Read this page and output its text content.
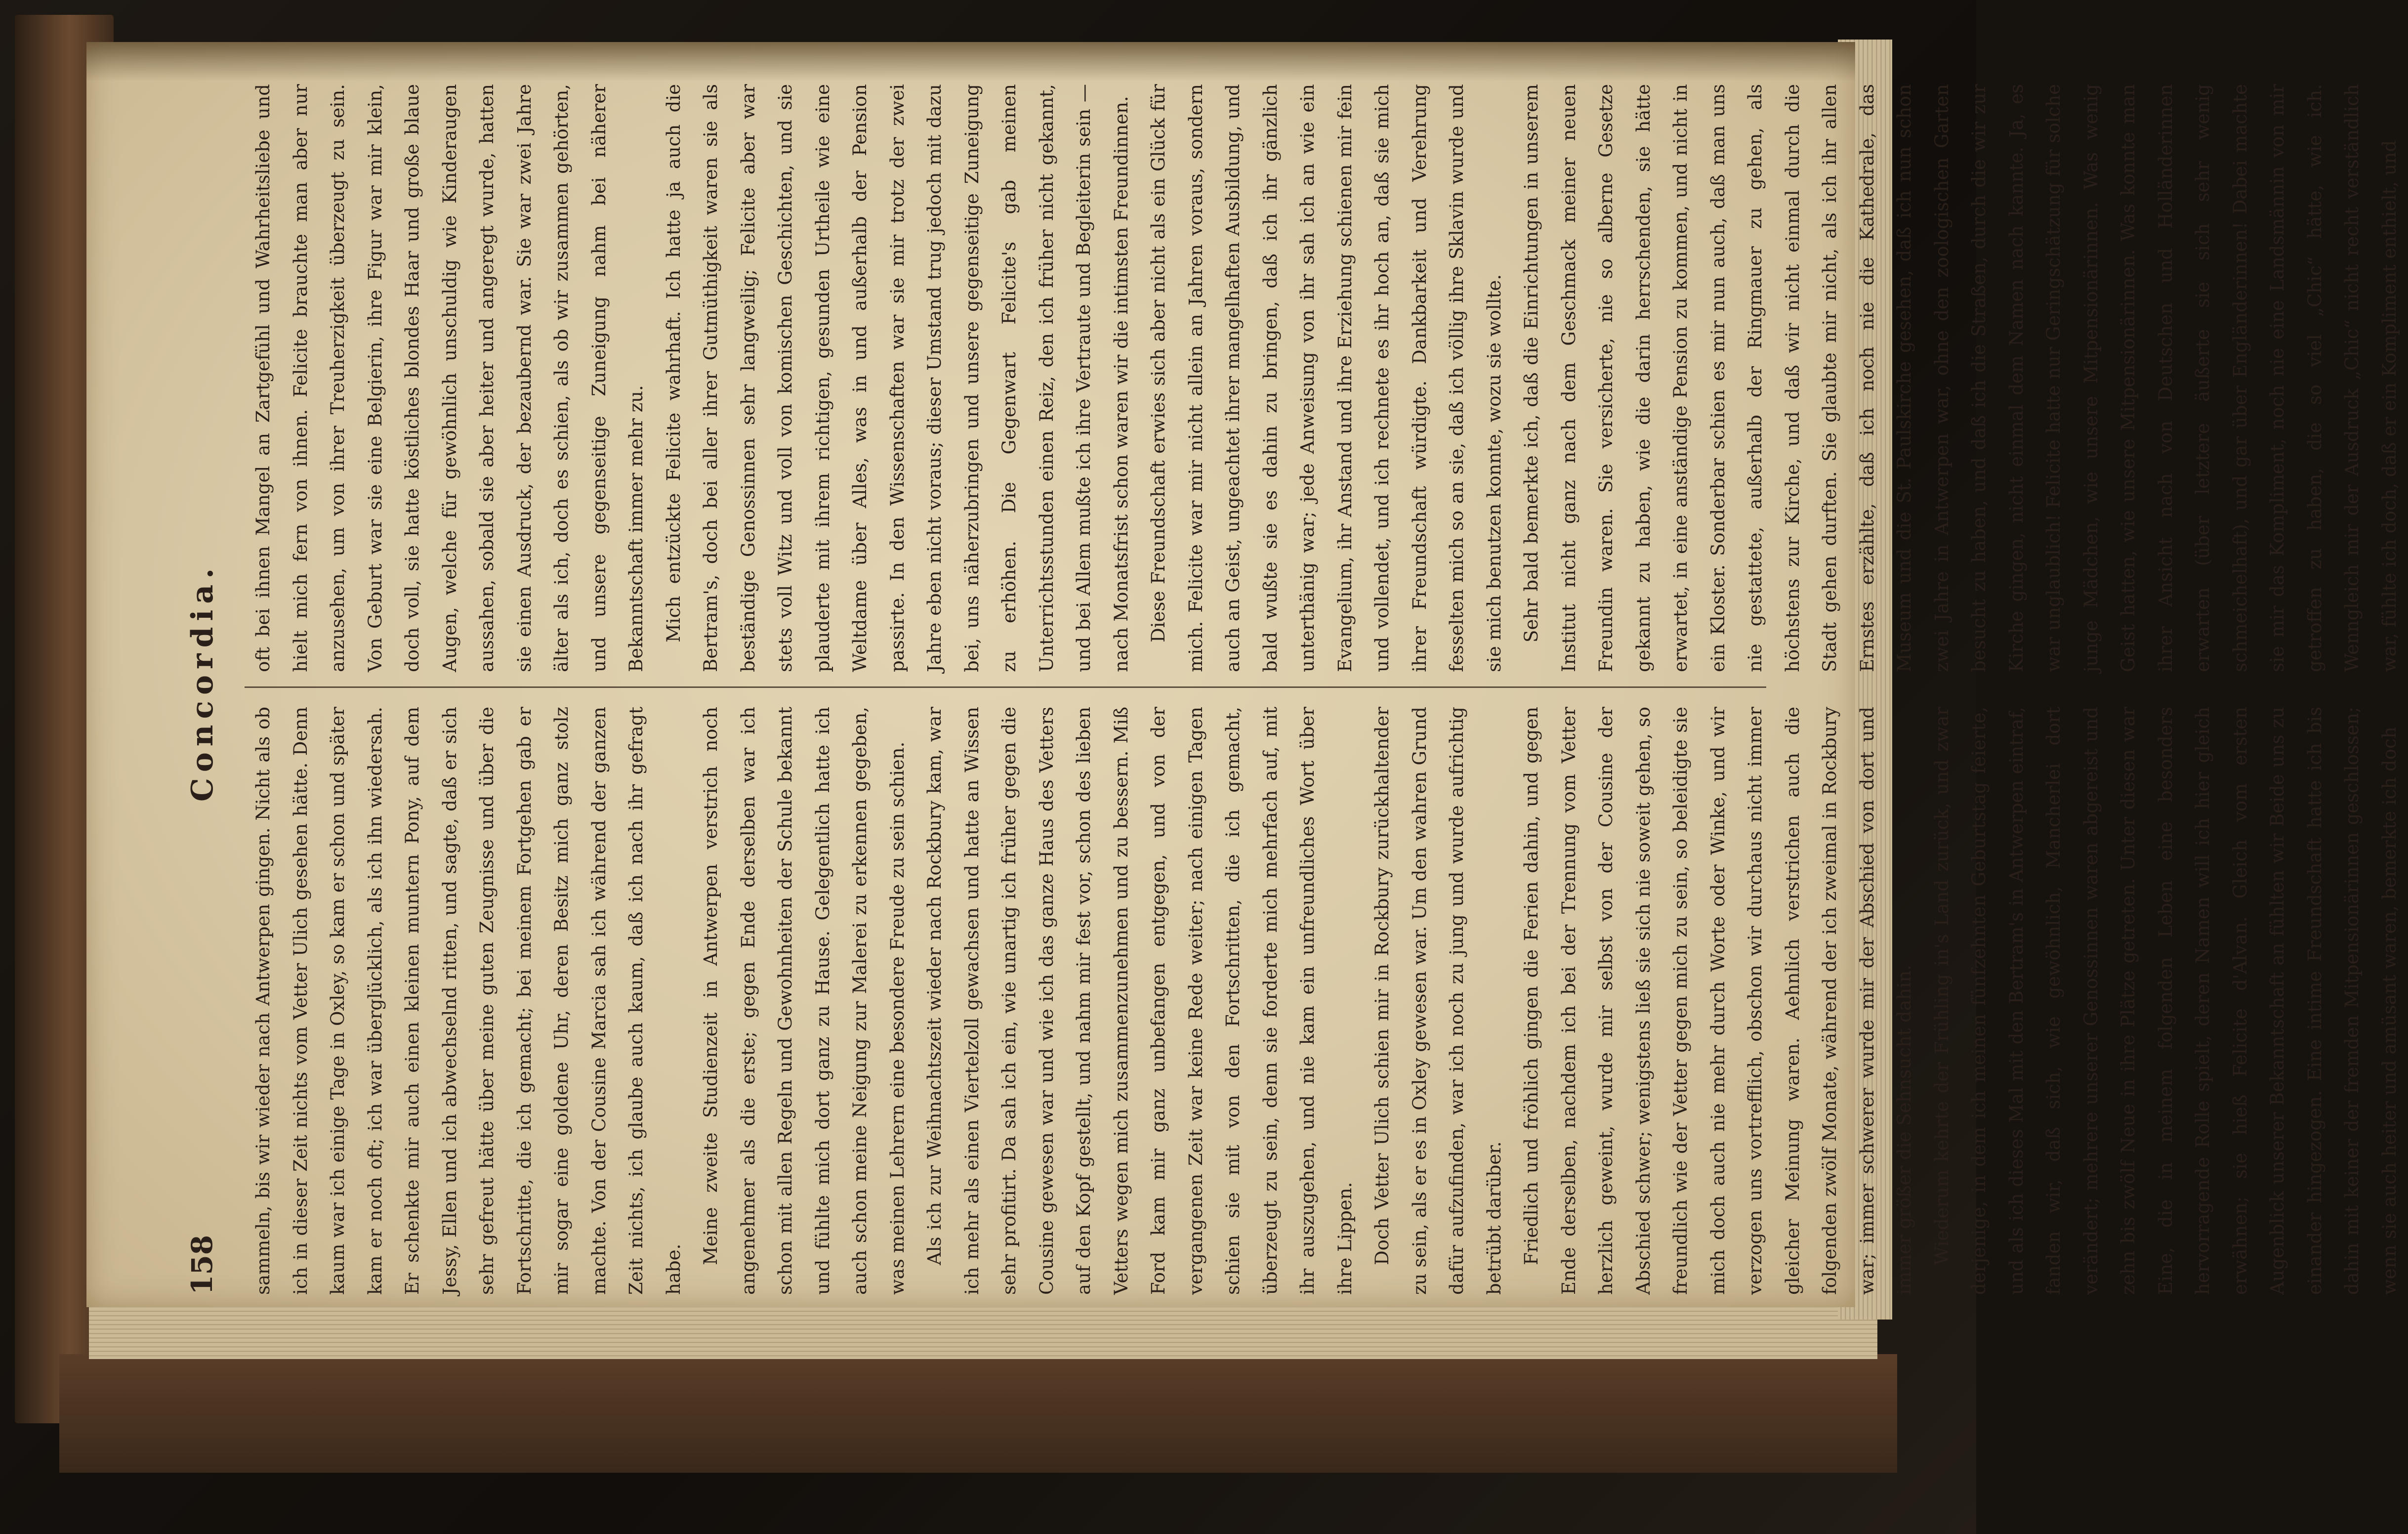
158
Concordia.

sammeln, bis wir wieder nach Antwerpen gingen. Nicht als ob ich in dieser Zeit nichts vom Vetter Ulich gesehen hätte. Denn kaum war ich einige Tage in Oxley, so kam er schon und später kam er noch oft; ich war überglücklich, als ich ihn wiedersah. Er schenkte mir auch einen kleinen muntern Pony, auf dem Jessy, Ellen und ich abwechselnd ritten, und sagte, daß er sich sehr gefreut hätte über meine guten Zeugnisse und über die Fortschritte, die ich gemacht; bei meinem Fortgehen gab er mir sogar eine goldene Uhr, deren Besitz mich ganz stolz machte. Von der Cousine Marcia sah ich während der ganzen Zeit nichts, ich glaube auch kaum, daß ich nach ihr gefragt habe.

Meine zweite Studienzeit in Antwerpen verstrich noch angenehmer als die erste; gegen Ende derselben war ich schon mit allen Regeln und Gewohnheiten der Schule bekannt und fühlte mich dort ganz zu Hause. Gelegentlich hatte ich auch schon meine Neigung zur Malerei zu erkennen gegeben, was meinen Lehrern eine besondere Freude zu sein schien. Als ich zur Weihnachtszeit wieder nach Rockbury kam, war ich mehr als einen Viertelzoll gewachsen und hatte an Wissen sehr profitirt. Da sah ich ein, wie unartig ich früher gegen die Cousine gewesen war und wie ich das ganze Haus des Vetters auf den Kopf gestellt, und nahm mir fest vor, schon des lieben Vetters wegen mich zusammenzunehmen und zu bessern. Miß Ford kam mir ganz unbefangen entgegen, und von der vergangenen Zeit war keine Rede weiter; nach einigen Tagen schien sie mit von den Fortschritten, die ich gemacht, überzeugt zu sein, denn sie forderte mich mehrfach auf, mit ihr auszugehen, und nie kam ein unfreundliches Wort über ihre Lippen. Doch Vetter Ulich schien mir in Rockbury zurückhaltender zu sein, als er es in Oxley gewesen war. Um den wahren Grund dafür aufzufinden, war ich noch zu jung und wurde aufrichtig betrübt darüber. Friedlich und fröhlich gingen die Ferien dahin, und gegen Ende derselben, nachdem ich bei der Trennung vom Vetter herzlich geweint, wurde mir selbst von der Cousine der Abschied schwer; wenigstens ließ sie sich nie soweit gehen, so freundlich wie der Vetter gegen mich zu sein, so beleidigte sie mich doch auch nie mehr durch Worte oder Winke, und wir verzogen uns vortrefflich, obschon wir durchaus nicht immer gleicher Meinung waren. Aehnlich verstrichen auch die folgenden zwölf Monate, während der ich zweimal in Rockbury war; immer schwerer wurde mir der Abschied von dort und immer größer die Sehnsucht dahin. Wiederum kehrte der Frühling in's Land zurück, und zwar derjenige, in dem ich meinen fünfzehnten Geburtstag feierte, und als ich dieses Mal mit den Bertram's in Antwerpen eintraf, fanden wir, daß sich, wie gewöhnlich, Mancherlei dort verändert; mehrere unserer Genossinnen waren abgereist und zehn bis zwölf Neue in ihre Plätze getreten. Unter diesen war Eine, die in meinem folgenden Leben eine besonders hervorragende Rolle spielt, deren Namen will ich hier gleich erwähnen; sie hieß Felicite d'Alvan. Gleich vom ersten Augenblick unserer Bekanntschaft an fühlten wir Beide uns zu einander hingezogen. Eine intime Freundschaft hatte ich bis dahin mit keiner der fremden Mitpensionärinnen geschlossen; wenn sie auch heiter und amüsant waren, bemerkte ich doch

oft bei ihnen Mangel an Zartgefühl und Wahrheitsliebe und hielt mich fern von ihnen. Felicite brauchte man aber nur anzusehen, um von ihrer Treuherzigkeit überzeugt zu sein. Von Geburt war sie eine Belgierin, ihre Figur war mir klein, doch voll, sie hatte köstliches blondes Haar und große blaue Augen, welche für gewöhnlich unschuldig wie Kinderaugen aussahen, sobald sie aber heiter und angeregt wurde, hatten sie einen Ausdruck, der bezaubernd war. Sie war zwei Jahre älter als ich, doch es schien, als ob wir zusammen gehörten, und unsere gegenseitige Zuneigung nahm bei näherer Bekanntschaft immer mehr zu. Mich entzückte Felicite wahrhaft. Ich hatte ja auch die Bertram's, doch bei aller ihrer Gutmüthigkeit waren sie als beständige Genossinnen sehr langweilig; Felicite aber war stets voll Witz und voll von komischen Geschichten, und sie plauderte mit ihrem richtigen, gesunden Urtheile wie eine Weltdame über Alles, was in und außerhalb der Pension passirte. In den Wissenschaften war sie mir trotz der zwei Jahre eben nicht voraus; dieser Umstand trug jedoch mit dazu bei, uns näherzubringen und unsere gegenseitige Zuneigung zu erhöhen. Die Gegenwart Felicite's gab meinen Unterrichtsstunden einen Reiz, den ich früher nicht gekannt, und bei Allem mußte ich ihre Vertraute und Begleiterin sein — nach Monatsfrist schon waren wir die intimsten Freundinnen. Diese Freundschaft erwies sich aber nicht als ein Glück für mich. Felicite war mir nicht allein an Jahren voraus, sondern auch an Geist, ungeachtet ihrer mangelhaften Ausbildung, und bald wußte sie es dahin zu bringen, daß ich ihr gänzlich unterthänig war; jede Anweisung von ihr sah ich an wie ein Evangelium, ihr Anstand und ihre Erziehung schienen mir fein und vollendet, und ich rechnete es ihr hoch an, daß sie mich ihrer Freundschaft würdigte. Dankbarkeit und Verehrung fesselten mich so an sie, daß ich völlig ihre Sklavin wurde und sie mich benutzen konnte, wozu sie wollte. Sehr bald bemerkte ich, daß die Einrichtungen in unserem Institut nicht ganz nach dem Geschmack meiner neuen Freundin waren. Sie versicherte, nie so alberne Gesetze gekannt zu haben, wie die darin herrschenden, sie hätte erwartet, in eine anständige Pension zu kommen, und nicht in ein Kloster. Sonderbar schien es mir nun auch, daß man uns nie gestattete, außerhalb der Ringmauer zu gehen, als höchstens zur Kirche, und daß wir nicht einmal durch die Stadt gehen durften. Sie glaubte mir nicht, als ich ihr allen Ernstes erzählte, daß ich noch nie die Kathedrale, das Museum und die St. Paulskirche gesehen, daß ich nun schon zwei Jahre in Antwerpen war, ohne den zoologischen Garten besucht zu haben, und daß ich die Straßen, durch die wir zur Kirche gingen, nicht einmal dem Namen nach kannte. Ja, es war unglaublich! Felicite hatte nur Geringschätzung für solche junge Mädchen, wie unsere Mitpensionärinnen. Was wenig Geist hatten, wie unsere Mitpensionärinnen. Was konnte man ihrer Ansicht nach von Deutschen und Holländerinnen erwarten (über letztere äußerte sie sich sehr wenig schmeichelhaft), und gar über Engländerinnen! Dabei machte sie mir das Kompliment, noch nie eine Landsmännin von mir getroffen zu haben, die so viel „Chic“ hätte, wie ich. Wenngleich mir der Ausdruck „Chic“ nicht recht verständlich war, fühlte ich doch, daß er ein Kompliment enthielt, und
